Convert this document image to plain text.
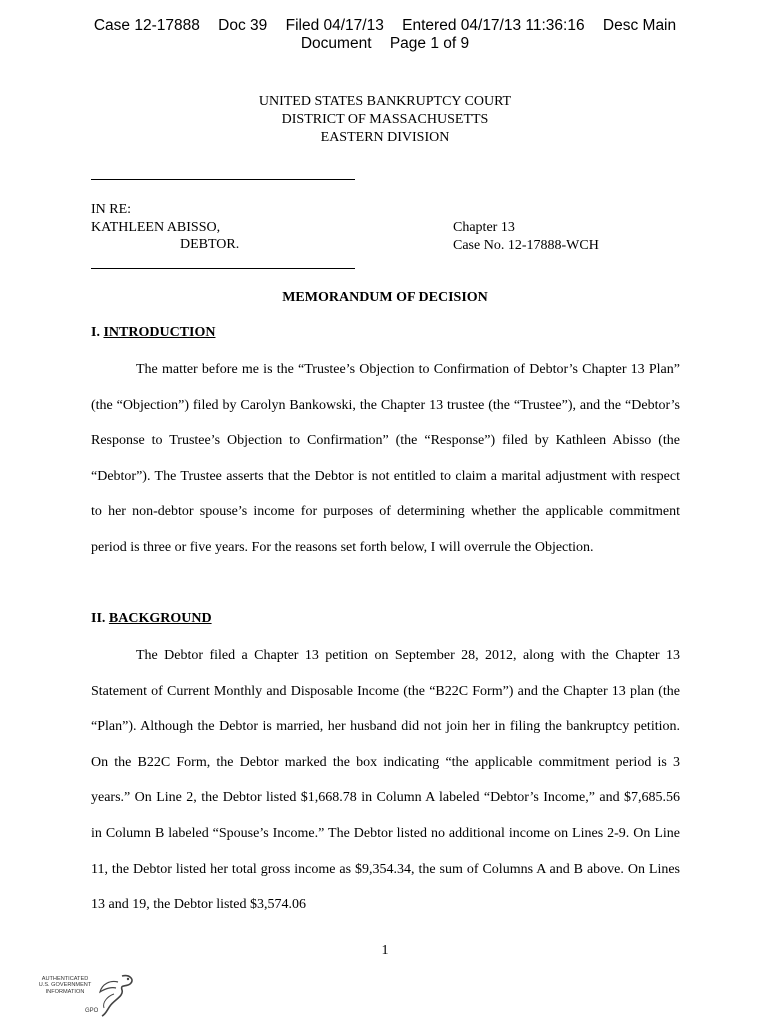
Case 12-17888 Doc 39 Filed 04/17/13 Entered 04/17/13 11:36:16 Desc Main
Document Page 1 of 9
UNITED STATES BANKRUPTCY COURT
DISTRICT OF MASSACHUSETTS
EASTERN DIVISION
IN RE:
KATHLEEN ABISSO,
DEBTOR.
Chapter 13
Case No. 12-17888-WCH
MEMORANDUM OF DECISION
I. INTRODUCTION

The matter before me is the “Trustee’s Objection to Confirmation of Debtor’s Chapter 13 Plan” (the “Objection”) filed by Carolyn Bankowski, the Chapter 13 trustee (the “Trustee”), and the “Debtor’s Response to Trustee’s Objection to Confirmation” (the “Response”) filed by Kathleen Abisso (the “Debtor”). The Trustee asserts that the Debtor is not entitled to claim a marital adjustment with respect to her non-debtor spouse’s income for purposes of determining whether the applicable commitment period is three or five years. For the reasons set forth below, I will overrule the Objection.

II. BACKGROUND

The Debtor filed a Chapter 13 petition on September 28, 2012, along with the Chapter 13 Statement of Current Monthly and Disposable Income (the “B22C Form”) and the Chapter 13 plan (the “Plan”). Although the Debtor is married, her husband did not join her in filing the bankruptcy petition. On the B22C Form, the Debtor marked the box indicating “the applicable commitment period is 3 years.” On Line 2, the Debtor listed $1,668.78 in Column A labeled “Debtor’s Income,” and $7,685.56 in Column B labeled “Spouse’s Income.” The Debtor listed no additional income on Lines 2-9. On Line 11, the Debtor listed her total gross income as $9,354.34, the sum of Columns A and B above. On Lines 13 and 19, the Debtor listed $3,574.06

1
AUTHENTICATED
U.S. GOVERNMENT
INFORMATION
GPO
